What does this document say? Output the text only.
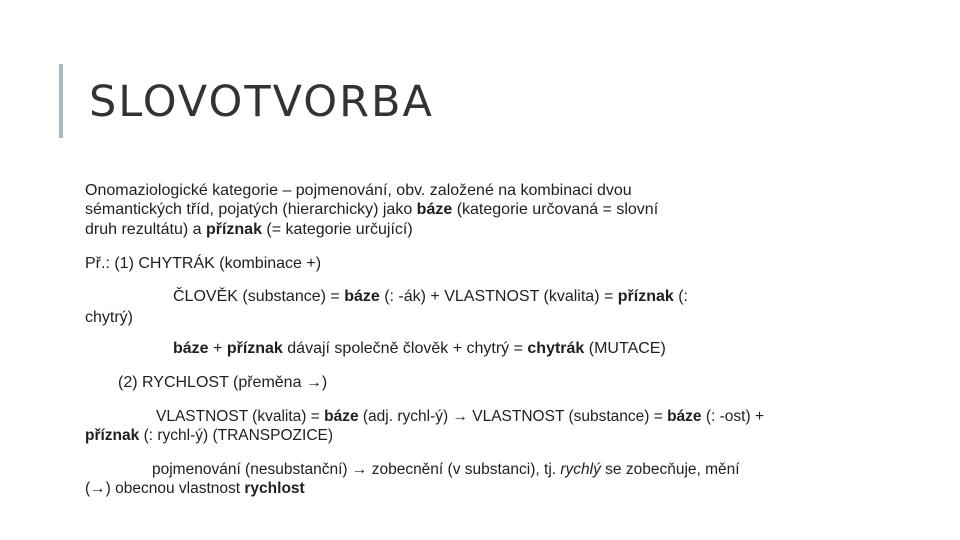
SLOVOTVORBA

Onomaziologické kategorie – pojmenování, obv. založené na kombinaci dvou

sémantických tříd, pojatých (hierarchicky) jako báze (kategorie určovaná = slovní

druh rezultátu) a příznak (= kategorie určující)

Př.: (1) CHYTRÁK (kombinace +)

ČLOVĚK (substance) = báze (: -ák) + VLASTNOST (kvalita) = příznak (:

chytrý)

báze + příznak dávají společně člověk + chytrý = chytrák (MUTACE)

(2) RYCHLOST (přeměna →)

VLASTNOST (kvalita) = báze (adj. rychl-ý) → VLASTNOST (substance) = báze (: -ost) +

příznak (: rychl-ý) (TRANSPOZICE)

pojmenování (nesubstanční) → zobecnění (v substanci), tj. rychlý se zobecňuje, mění

(→) obecnou vlastnost rychlost
